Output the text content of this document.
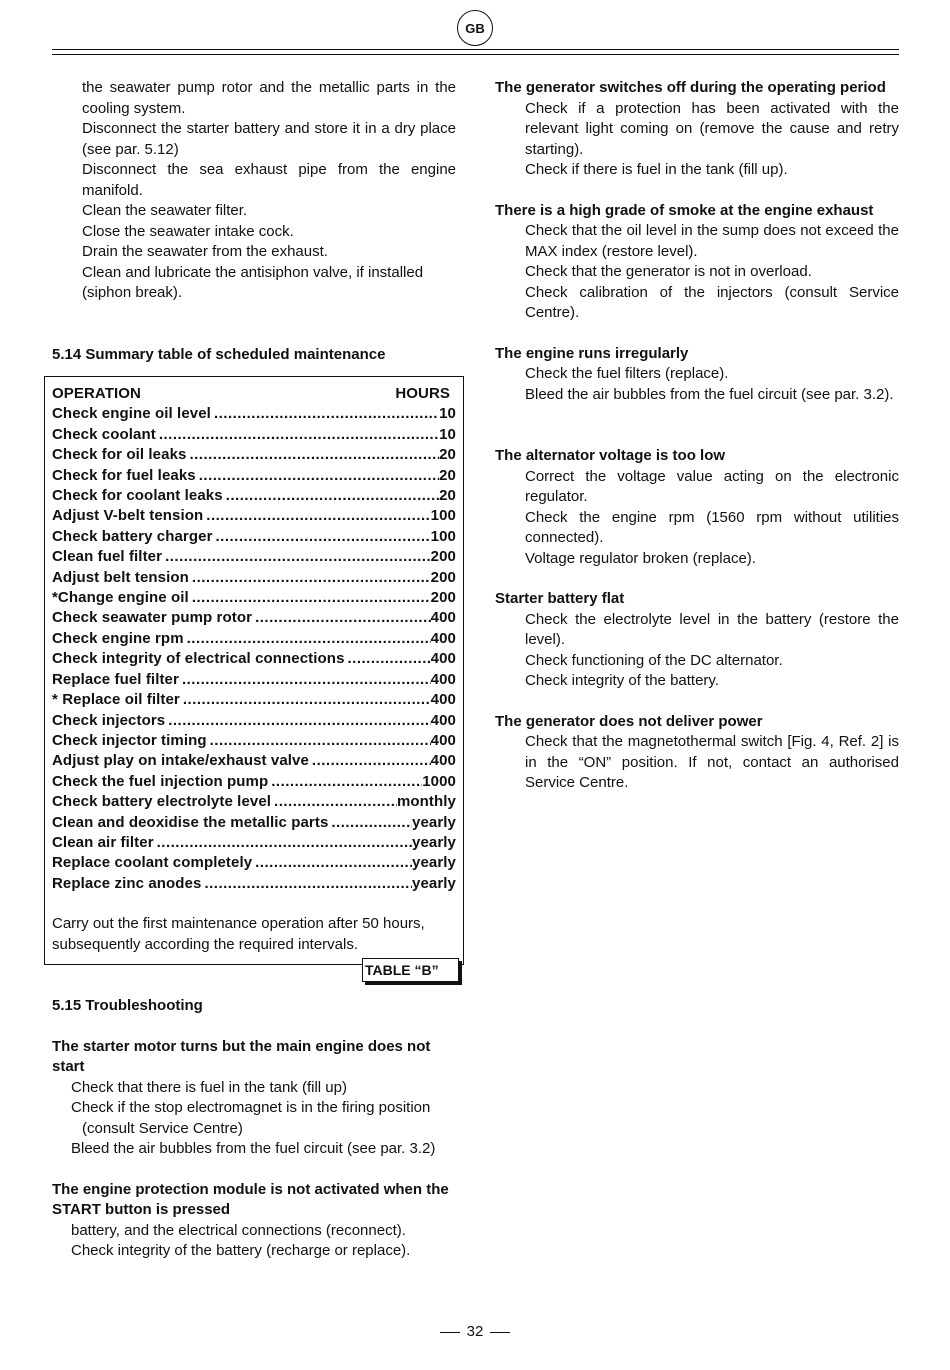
GB

the seawater pump rotor and the metallic parts in the cooling system.

Disconnect the starter battery and store it in a dry place (see par. 5.12)

Disconnect the sea exhaust pipe from the engine manifold.

Clean the seawater filter.

Close the seawater intake cock.

Drain the seawater from the exhaust.

Clean and lubricate the antisiphon valve, if installed (siphon break).

5.14 Summary table of scheduled maintenance

OPERATION	HOURS
Check engine oil level .....	10
Check coolant .....	10
Check for oil leaks .....	20
Check for fuel leaks .....	20
Check for coolant leaks .....	20
Adjust V-belt tension .....	100
Check battery charger .....	100
Clean fuel filter .....	200
Adjust belt tension .....	200
*Change engine oil .....	200
Check seawater pump rotor .....	400
Check engine rpm .....	400
Check integrity of electrical connections .....	400
Replace fuel filter .....	400
* Replace oil filter .....	400
Check injectors .....	400
Check injector timing .....	400
Adjust play on intake/exhaust valve .....	400
Check the fuel injection pump .....	1000
Check battery electrolyte level .....	monthly
Clean and deoxidise the metallic parts .....	yearly
Clean air filter .....	yearly
Replace coolant completely .....	yearly
Replace zinc anodes .....	yearly
Carry out the first maintenance operation after 50 hours, subsequently according the required intervals.
TABLE “B”

5.15 Troubleshooting

The starter motor turns but the main engine does not start

Check that there is fuel in the tank (fill up)

Check if the stop electromagnet is in the firing position

(consult Service Centre)

Bleed the air bubbles from the fuel circuit (see par. 3.2)

The engine protection module is not activated when the START button is pressed

battery, and the electrical connections (reconnect).

Check integrity of the battery (recharge or replace).

The generator switches off during the operating period

Check if a protection has been activated with the relevant light coming on (remove the cause and retry starting).

Check if there is fuel in the tank (fill up).

There is a high grade of smoke at the engine exhaust

Check that the oil level in the sump does not exceed the MAX index (restore level).

Check that the generator is not in overload.

Check calibration of the injectors (consult Service Centre).

The engine runs irregularly

Check the fuel filters (replace).

Bleed the air bubbles from the fuel circuit (see par. 3.2).

The alternator voltage is too low

Correct the voltage value acting on the electronic regulator.

Check the engine rpm (1560 rpm without utilities connected).

Voltage regulator broken (replace).

Starter battery flat

Check the electrolyte level in the battery (restore the level).

Check functioning of the DC alternator.

Check integrity of the battery.

The generator does not deliver power

Check that the magnetothermal switch [Fig. 4, Ref. 2] is in the “ON” position. If not, contact an authorised Service Centre.

32
